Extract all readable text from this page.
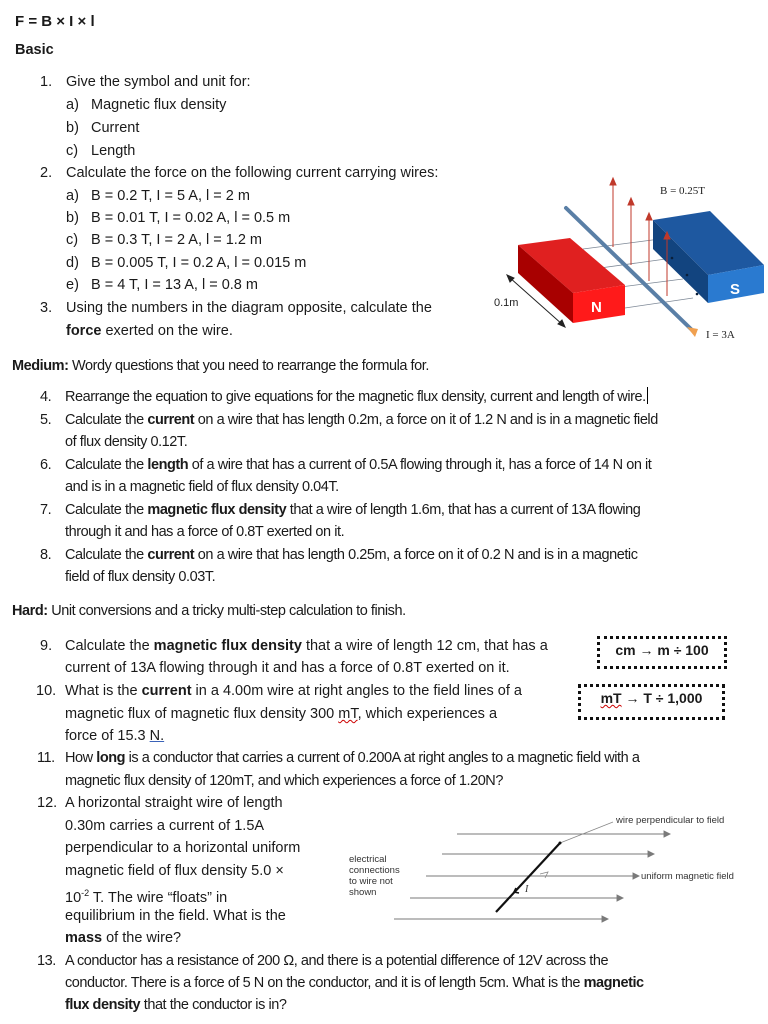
F = B × I × l
Basic
1. Give the symbol and unit for:
a) Magnetic flux density
b) Current
c) Length
2. Calculate the force on the following current carrying wires:
a) B = 0.2 T, I = 5 A, l = 2 m
b) B = 0.01 T, I = 0.02 A, l = 0.5 m
c) B = 0.3 T, I = 2 A, l = 1.2 m
d) B = 0.005 T, I = 0.2 A, l = 0.015 m
e) B = 4 T, I = 13 A, l = 0.8 m
3. Using the numbers in the diagram opposite, calculate the
force exerted on the wire.
N
S
0.1m
B = 0.25T
I = 3A
Medium: Wordy questions that you need to rearrange the formula for.
4. Rearrange the equation to give equations for the magnetic flux density, current and length of wire.
5. Calculate the current on a wire that has length 0.2m, a force on it of 1.2 N and is in a magnetic field
of flux density 0.12T.
6. Calculate the length of a wire that has a current of 0.5A flowing through it, has a force of 14 N on it
and is in a magnetic field of flux density 0.04T.
7. Calculate the magnetic flux density that a wire of length 1.6m, that has a current of 13A flowing
through it and has a force of 0.8T exerted on it.
8. Calculate the current on a wire that has length 0.25m, a force on it of 0.2 N and is in a magnetic
field of flux density 0.03T.
Hard: Unit conversions and a tricky multi-step calculation to finish.
9. Calculate the magnetic flux density that a wire of length 12 cm, that has a
current of 13A flowing through it and has a force of 0.8T exerted on it.
10. What is the current in a 4.00m wire at right angles to the field lines of a
magnetic flux of magnetic flux density 300 mT, which experiences a
force of 15.3 N.
cm → m ÷ 100
mT → T ÷ 1,000
11. How long is a conductor that carries a current of 0.200A at right angles to a magnetic field with a
magnetic flux density of 120mT, and which experiences a force of 1.20N?
12. A horizontal straight wire of length
0.30m carries a current of 1.5A
perpendicular to a horizontal uniform
magnetic field of flux density 5.0 ×
$10^{-2}$ T. The wire “floats” in
equilibrium in the field. What is the
mass of the wire?
I
wire perpendicular to field
uniform magnetic field
electrical
connections
to wire not
shown
13. A conductor has a resistance of 200 Ω, and there is a potential difference of 12V across the
conductor. There is a force of 5 N on the conductor, and it is of length 5cm. What is the magnetic
flux density that the conductor is in?
